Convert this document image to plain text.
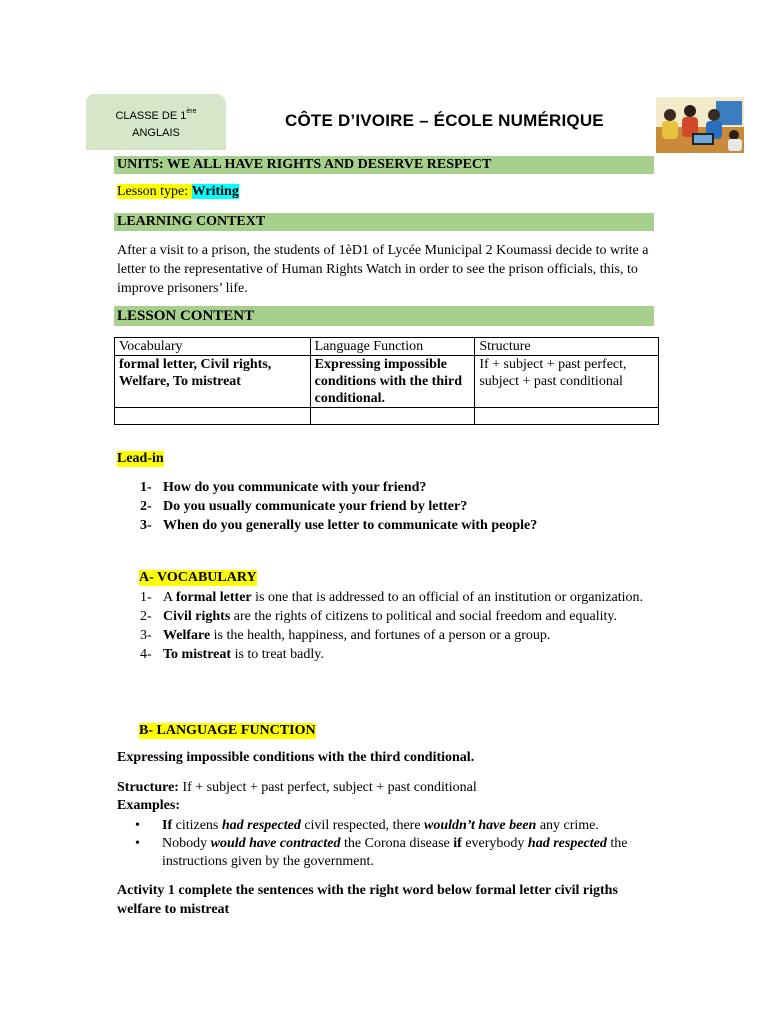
CLASSE DE 1ère
ANGLAIS
CÔTE D’IVOIRE – ÉCOLE NUMÉRIQUE
UNIT5: WE ALL HAVE RIGHTS AND DESERVE RESPECT
Lesson type: Writing
LEARNING CONTEXT
After a visit to a prison, the students of 1èD1 of Lycée Municipal 2 Koumassi decide to write a letter to the representative of Human Rights Watch in order to see the prison officials, this, to improve prisoners’ life.
LESSON CONTENT
Vocabulary	Language Function	Structure
formal letter, Civil rights, Welfare, To mistreat	Expressing impossible conditions with the third conditional.	If + subject + past perfect, subject + past conditional

Lead-in
1- How do you communicate with your friend?
2- Do you usually communicate your friend by letter?
3- When do you generally use letter to communicate with people?
A- VOCABULARY
1- A formal letter is one that is addressed to an official of an institution or organization.
2- Civil rights are the rights of citizens to political and social freedom and equality.
3- Welfare is the health, happiness, and fortunes of a person or a group.
4- To mistreat is to treat badly.
B- LANGUAGE FUNCTION
Expressing impossible conditions with the third conditional.
Structure: If + subject + past perfect, subject + past conditional
Examples:
•	If citizens had respected civil respected, there wouldn’t have been any crime.
•	Nobody would have contracted the Corona disease if everybody had respected the instructions given by the government.
Activity 1 complete the sentences with the right word below formal letter civil rigths welfare to mistreat
